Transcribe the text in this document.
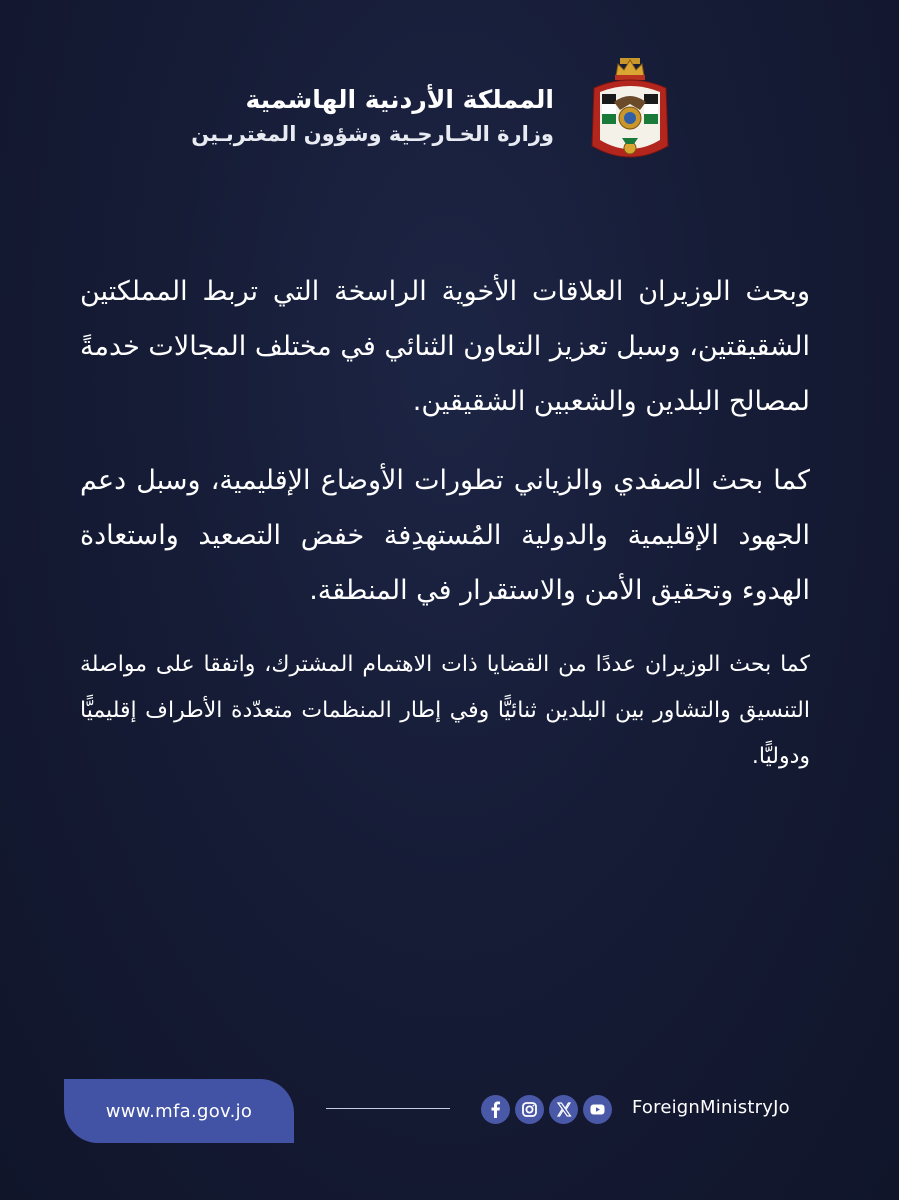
المملكة الأردنية الهاشمية
وزارة الخـارجـية وشؤون المغتربـين

وبحث الوزيران العلاقات الأخوية الراسخة التي تربط المملكتين الشقيقتين، وسبل تعزيز التعاون الثنائي في مختلف المجالات خدمةً لمصالح البلدين والشعبين الشقيقين.

كما بحث الصفدي والزياني تطورات الأوضاع الإقليمية، وسبل دعم الجهود الإقليمية والدولية المُستهدِفة خفض التصعيد واستعادة الهدوء وتحقيق الأمن والاستقرار في المنطقة.

كما بحث الوزيران عددًا من القضايا ذات الاهتمام المشترك، واتفقا على مواصلة التنسيق والتشاور بين البلدين ثنائيًّا وفي إطار المنظمات متعدّدة الأطراف إقليميًّا ودوليًّا.

www.mfa.gov.jo	ForeignMinistryJo
